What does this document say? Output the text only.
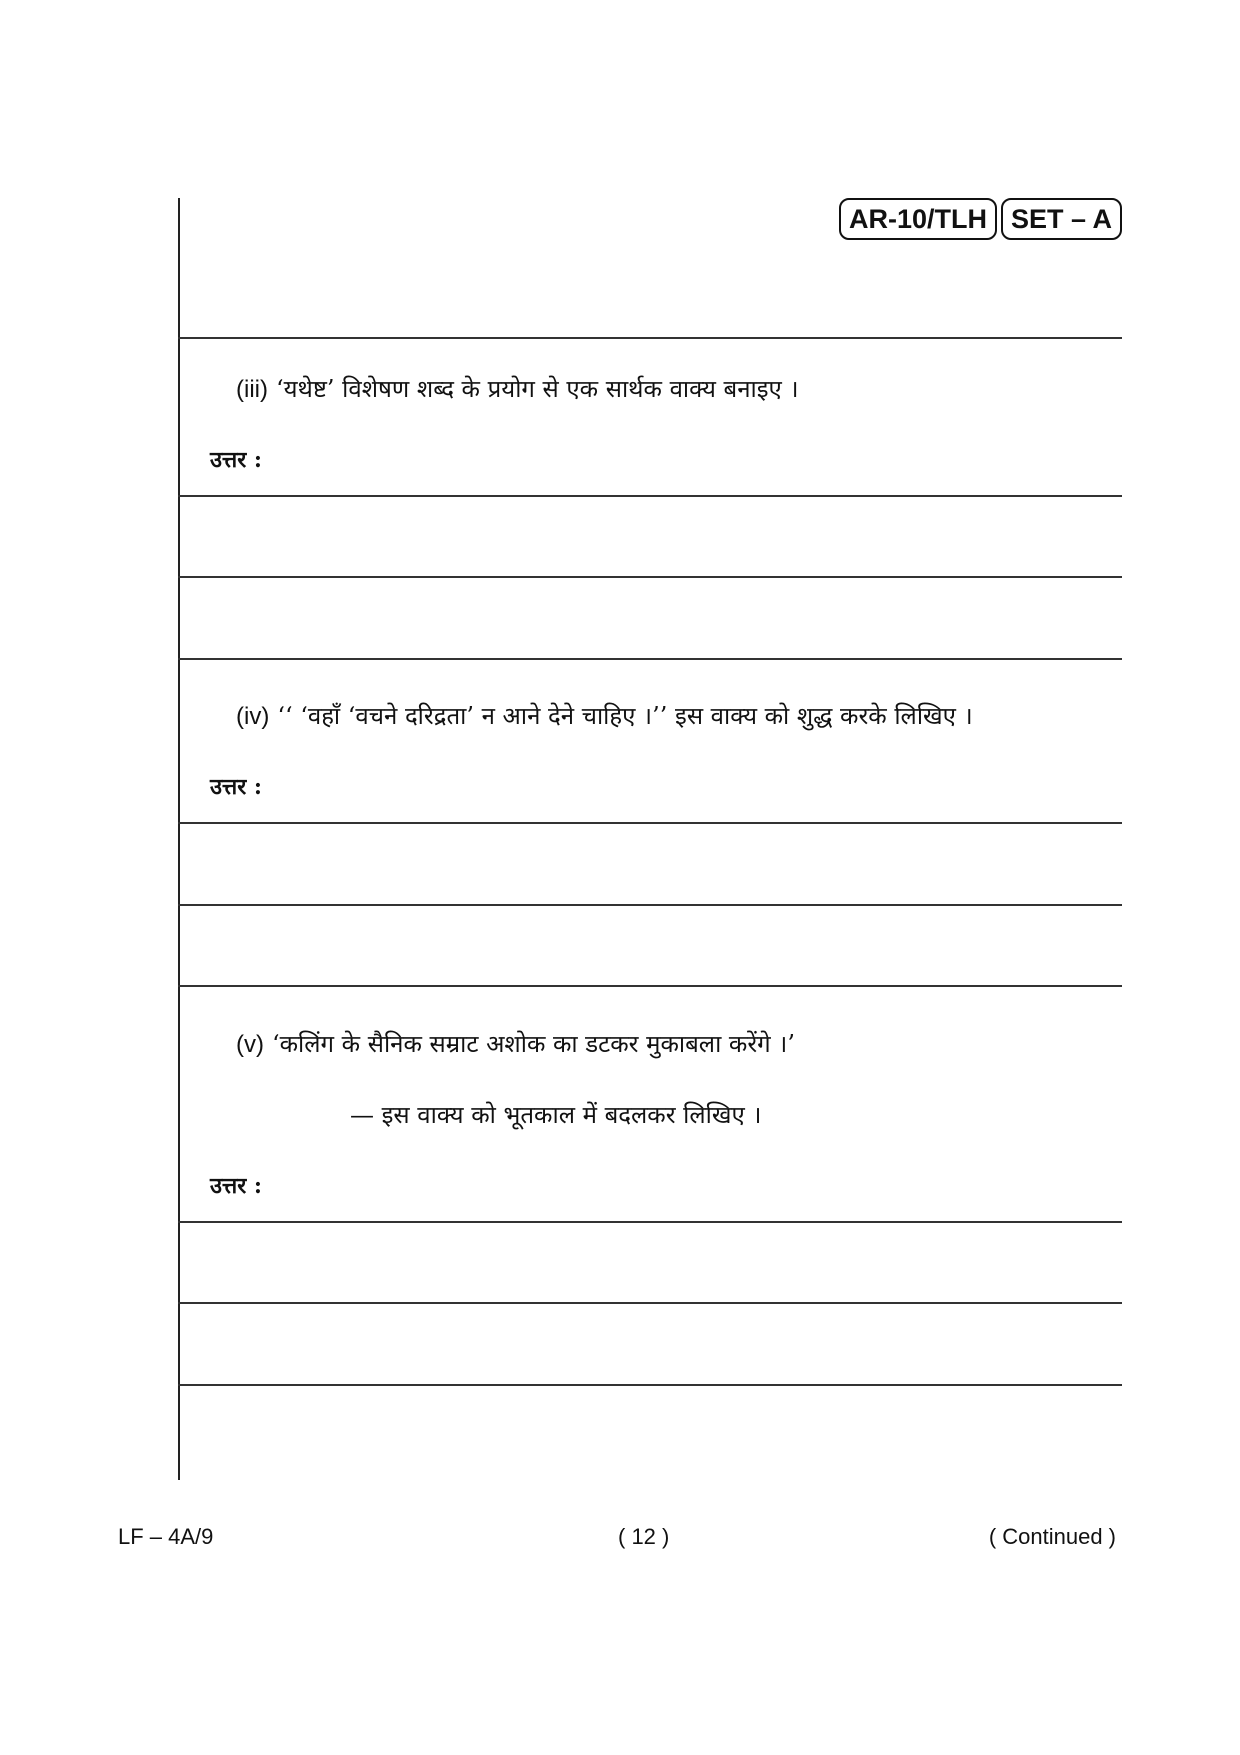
AR-10/TLH SET – A
(iii) ‘यथेष्ट’ विशेषण शब्द के प्रयोग से एक सार्थक वाक्य बनाइए ।
उत्तर :
(iv) ‘‘ ‘वहाँ ‘वचने दरिद्रता’ न आने देने चाहिए ।’’ इस वाक्य को शुद्ध करके लिखिए ।
उत्तर :
(v) ‘कलिंग के सैनिक सम्राट अशोक का डटकर मुकाबला करेंगे ।’
— इस वाक्य को भूतकाल में बदलकर लिखिए ।
उत्तर :
LF – 4A/9	( 12 )	( Continued )
